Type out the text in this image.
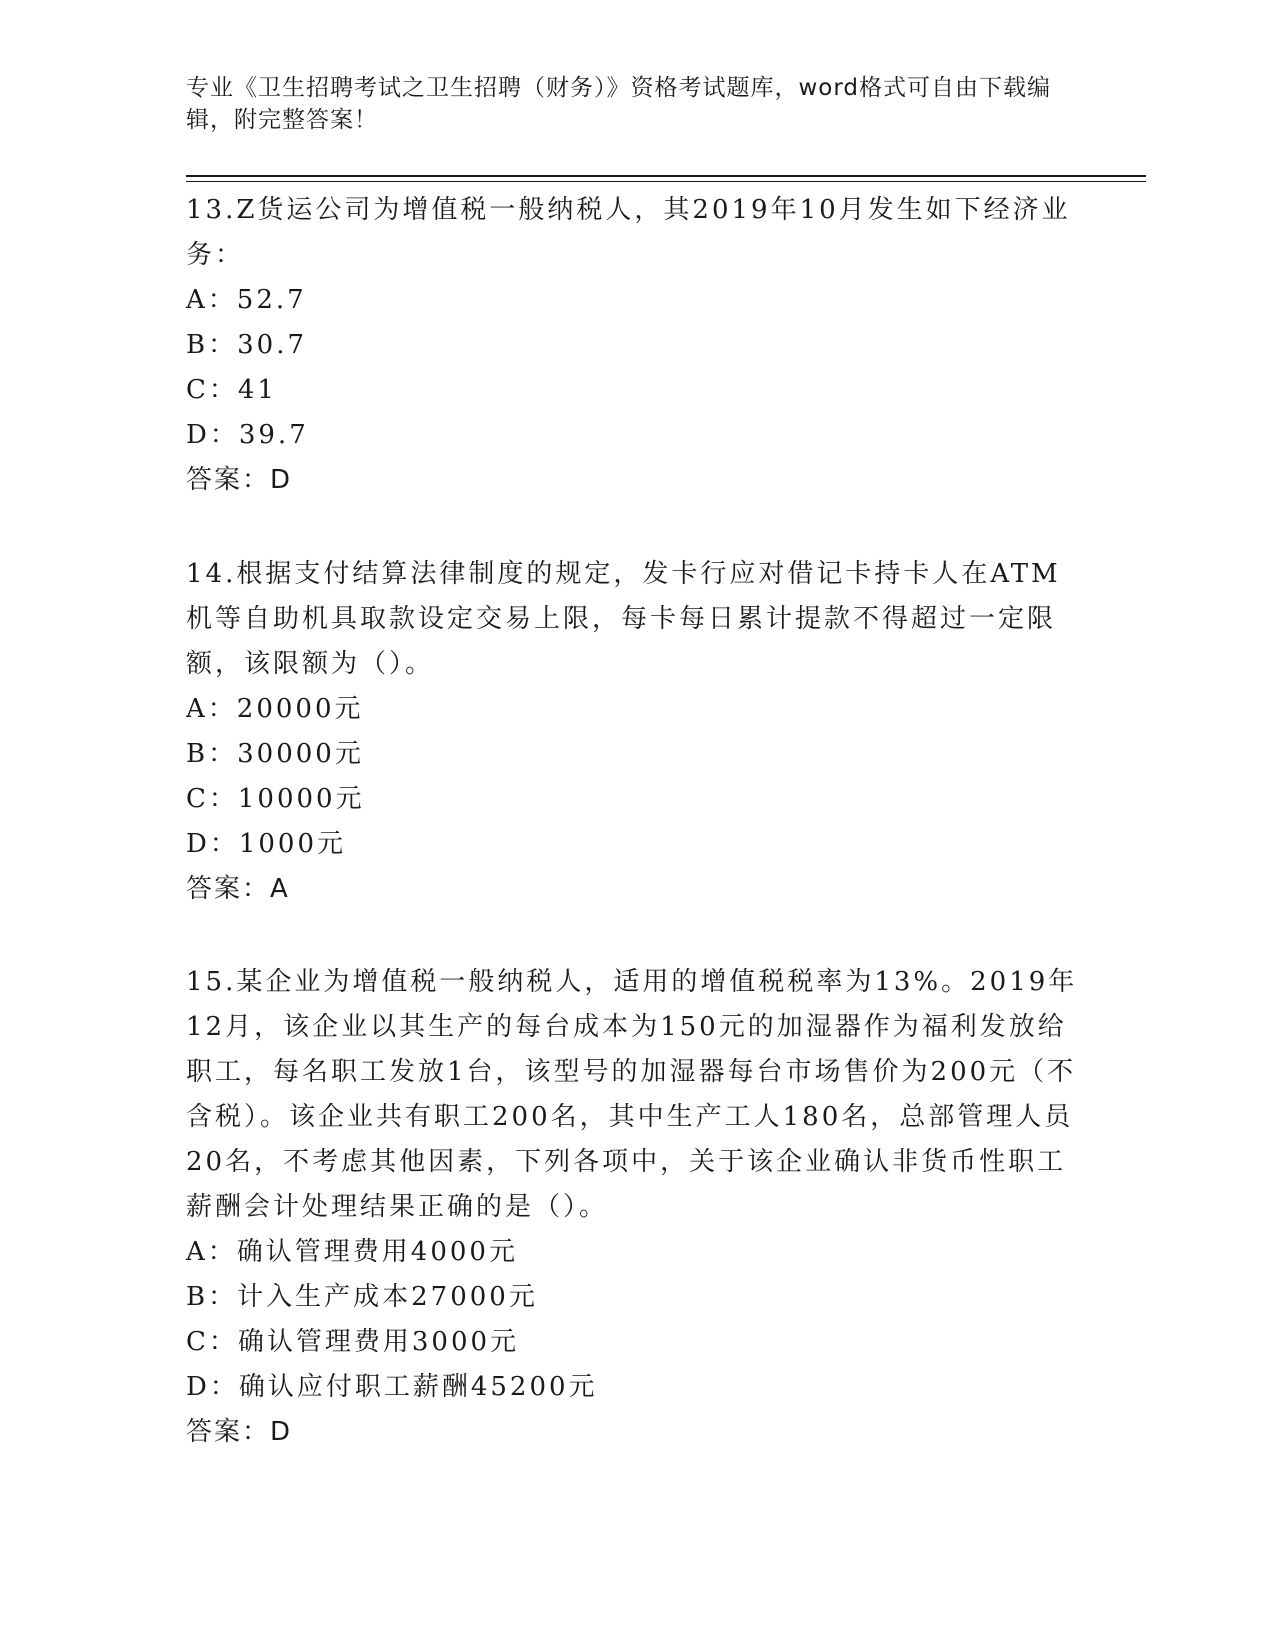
专业《卫生招聘考试之卫生招聘（财务）》资格考试题库，word格式可自由下载编辑，附完整答案！

13.Z货运公司为增值税一般纳税人，其2019年10月发生如下经济业务：

A：52.7

B：30.7

C：41

D：39.7

答案：D

14.根据支付结算法律制度的规定，发卡行应对借记卡持卡人在ATM机等自助机具取款设定交易上限，每卡每日累计提款不得超过一定限额，该限额为（）。

A：20000元

B：30000元

C：10000元

D：1000元

答案：A

15.某企业为增值税一般纳税人，适用的增值税税率为13%。2019年12月，该企业以其生产的每台成本为150元的加湿器作为福利发放给职工，每名职工发放1台，该型号的加湿器每台市场售价为200元（不含税）。该企业共有职工200名，其中生产工人180名，总部管理人员20名，不考虑其他因素，下列各项中，关于该企业确认非货币性职工薪酬会计处理结果正确的是（）。

A：确认管理费用4000元

B：计入生产成本27000元

C：确认管理费用3000元

D：确认应付职工薪酬45200元

答案：D
